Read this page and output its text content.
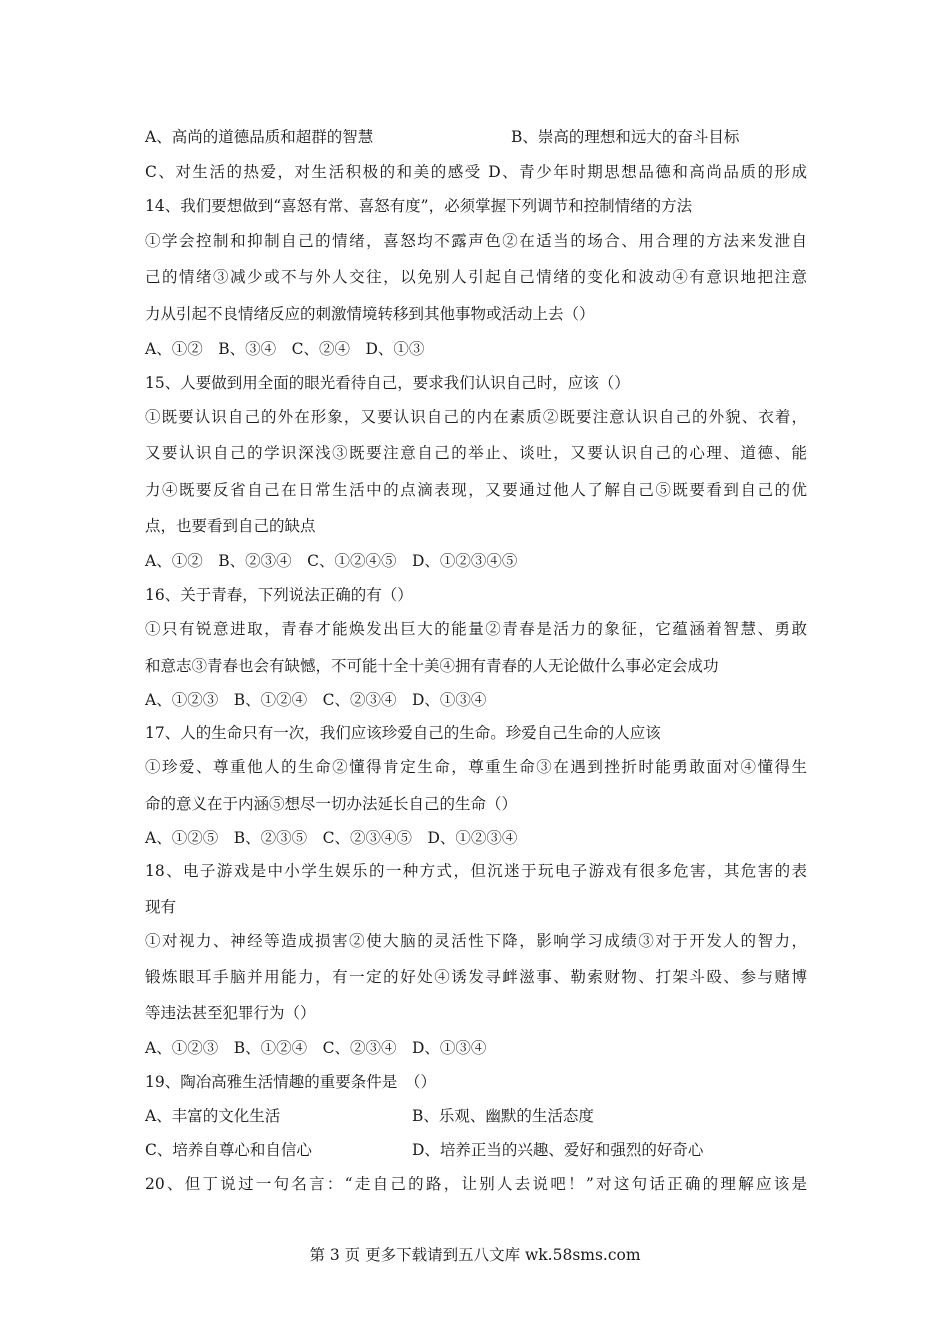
A、高尚的道德品质和超群的智慧	B、崇高的理想和远大的奋斗目标
C、对生活的热爱，对生活积极的和美的感受 D、青少年时期思想品德和高尚品质的形成
14、我们要想做到“喜怒有常、喜怒有度”，必须掌握下列调节和控制情绪的方法
①学会控制和抑制自己的情绪，喜怒均不露声色②在适当的场合、用合理的方法来发泄自
己的情绪③减少或不与外人交往，以免别人引起自己情绪的变化和波动④有意识地把注意
力从引起不良情绪反应的刺激情境转移到其他事物或活动上去（）
A、①②　B、③④　C、②④　D、①③
15、人要做到用全面的眼光看待自己，要求我们认识自己时，应该（）
①既要认识自己的外在形象，又要认识自己的内在素质②既要注意认识自己的外貌、衣着，
又要认识自己的学识深浅③既要注意自己的举止、谈吐，又要认识自己的心理、道德、能
力④既要反省自己在日常生活中的点滴表现，又要通过他人了解自己⑤既要看到自己的优
点，也要看到自己的缺点
A、①②　B、②③④　C、①②④⑤　D、①②③④⑤
16、关于青春，下列说法正确的有（）
①只有锐意进取，青春才能焕发出巨大的能量②青春是活力的象征，它蕴涵着智慧、勇敢
和意志③青春也会有缺憾，不可能十全十美④拥有青春的人无论做什么事必定会成功
A、①②③　B、①②④　C、②③④　D、①③④
17、人的生命只有一次，我们应该珍爱自己的生命。珍爱自己生命的人应该
①珍爱、尊重他人的生命②懂得肯定生命，尊重生命③在遇到挫折时能勇敢面对④懂得生
命的意义在于内涵⑤想尽一切办法延长自己的生命（）
A、①②⑤　B、②③⑤　C、②③④⑤　D、①②③④
18、电子游戏是中小学生娱乐的一种方式，但沉迷于玩电子游戏有很多危害，其危害的表
现有
①对视力、神经等造成损害②使大脑的灵活性下降，影响学习成绩③对于开发人的智力，
锻炼眼耳手脑并用能力，有一定的好处④诱发寻衅滋事、勒索财物、打架斗殴、参与赌博
等违法甚至犯罪行为（）
A、①②③　B、①②④　C、②③④　D、①③④
19、陶冶高雅生活情趣的重要条件是　（）
A、丰富的文化生活	B、乐观、幽默的生活态度
C、培养自尊心和自信心	D、培养正当的兴趣、爱好和强烈的好奇心
20、但丁说过一句名言：“走自己的路，让别人去说吧！”对这句话正确的理解应该是
第 3 页 更多下载请到五八文库 wk.58sms.com
